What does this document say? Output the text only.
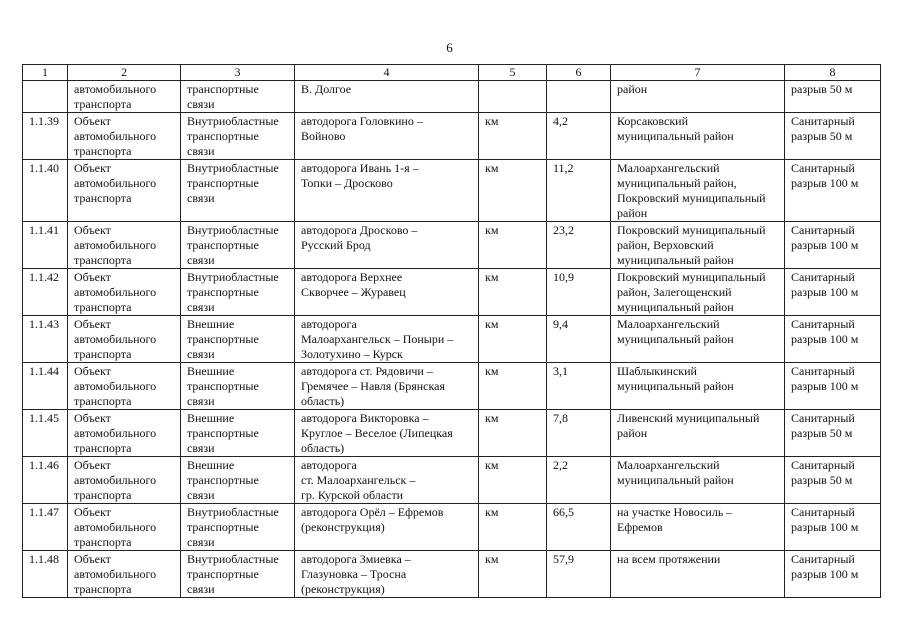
6
1	2	3	4	5	6	7	8

	автомобильного
транспорта	транспортные
связи	В. Долгое			район	разрыв 50 м

1.1.39	Объект
автомобильного
транспорта	Внутриобластные
транспортные
связи	автодорога Головкино –
Войново	км	4,2	Корсаковский
муниципальный район	Санитарный
разрыв 50 м

1.1.40	Объект
автомобильного
транспорта	Внутриобластные
транспортные
связи	автодорога Ивань 1-я –
Топки – Дросково	км	11,2	Малоархангельский
муниципальный район,
Покровский муниципальный
район	Санитарный
разрыв 100 м

1.1.41	Объект
автомобильного
транспорта	Внутриобластные
транспортные
связи	автодорога Дросково –
Русский Брод	км	23,2	Покровский муниципальный
район, Верховский
муниципальный район	Санитарный
разрыв 100 м

1.1.42	Объект
автомобильного
транспорта	Внутриобластные
транспортные
связи	автодорога Верхнее
Скворчее – Журавец	км	10,9	Покровский муниципальный
район, Залегощенский
муниципальный район	Санитарный
разрыв 100 м

1.1.43	Объект
автомобильного
транспорта	Внешние
транспортные
связи	автодорога
Малоархангельск – Поныри –
Золотухино – Курск	км	9,4	Малоархангельский
муниципальный район	Санитарный
разрыв 100 м

1.1.44	Объект
автомобильного
транспорта	Внешние
транспортные
связи	автодорога ст. Рядовичи –
Гремячее – Навля (Брянская
область)	км	3,1	Шаблыкинский
муниципальный район	Санитарный
разрыв 100 м

1.1.45	Объект
автомобильного
транспорта	Внешние
транспортные
связи	автодорога Викторовка –
Круглое – Веселое (Липецкая
область)	км	7,8	Ливенский муниципальный
район	Санитарный
разрыв 50 м

1.1.46	Объект
автомобильного
транспорта	Внешние
транспортные
связи	автодорога
ст. Малоархангельск –
гр. Курской области	км	2,2	Малоархангельский
муниципальный район	Санитарный
разрыв 50 м

1.1.47	Объект
автомобильного
транспорта	Внутриобластные
транспортные
связи	автодорога Орёл – Ефремов
(реконструкция)	км	66,5	на участке Новосиль –
Ефремов	Санитарный
разрыв 100 м

1.1.48	Объект
автомобильного
транспорта	Внутриобластные
транспортные
связи	автодорога Змиевка –
Глазуновка – Тросна
(реконструкция)	км	57,9	на всем протяжении	Санитарный
разрыв 100 м
